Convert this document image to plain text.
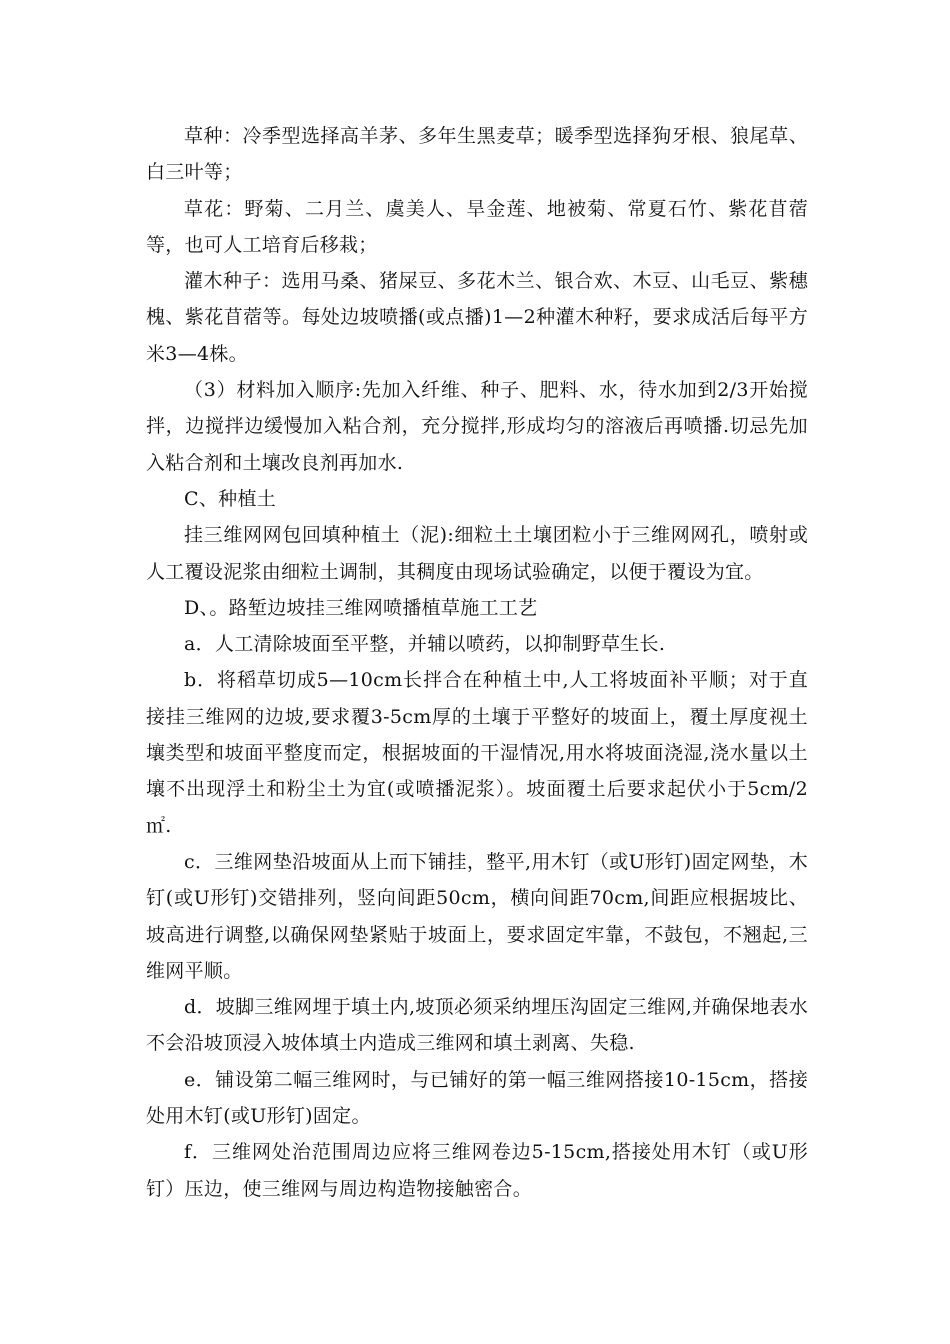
草种：冷季型选择高羊茅、多年生黑麦草；暖季型选择狗牙根、狼尾草、白三叶等；

草花：野菊、二月兰、虞美人、旱金莲、地被菊、常夏石竹、紫花苜蓿等，也可人工培育后移栽；

灌木种子：选用马桑、猪屎豆、多花木兰、银合欢、木豆、山毛豆、紫穗槐、紫花苜蓿等。每处边坡喷播(或点播)1—2种灌木种籽，要求成活后每平方米3—4株。

（3）材料加入顺序:先加入纤维、种子、肥料、水，待水加到2/3开始搅拌，边搅拌边缓慢加入粘合剂，充分搅拌,形成均匀的溶液后再喷播.切忌先加入粘合剂和土壤改良剂再加水.

C、种植土

挂三维网网包回填种植土（泥):细粒土土壤团粒小于三维网网孔，喷射或人工覆设泥浆由细粒土调制，其稠度由现场试验确定，以便于覆设为宜。

D、。路堑边坡挂三维网喷播植草施工工艺

a．人工清除坡面至平整，并辅以喷药，以抑制野草生长.

b．将稻草切成5—10cm长拌合在种植土中,人工将坡面补平顺；对于直接挂三维网的边坡,要求覆3-5cm厚的土壤于平整好的坡面上，覆土厚度视土壤类型和坡面平整度而定，根据坡面的干湿情况,用水将坡面浇湿,浇水量以土壤不出现浮土和粉尘土为宜(或喷播泥浆）。坡面覆土后要求起伏小于5cm/2㎡.

c．三维网垫沿坡面从上而下铺挂，整平,用木钉（或U形钉)固定网垫，木钉(或U形钉)交错排列，竖向间距50cm，横向间距70cm,间距应根据坡比、坡高进行调整,以确保网垫紧贴于坡面上，要求固定牢靠，不鼓包，不翘起,三维网平顺。

d．坡脚三维网埋于填土内,坡顶必须采纳埋压沟固定三维网,并确保地表水不会沿坡顶浸入坡体填土内造成三维网和填土剥离、失稳.

e．铺设第二幅三维网时，与已铺好的第一幅三维网搭接10-15cm，搭接处用木钉(或U形钉)固定。

f．三维网处治范围周边应将三维网卷边5-15cm,搭接处用木钉（或U形钉）压边，使三维网与周边构造物接触密合。
